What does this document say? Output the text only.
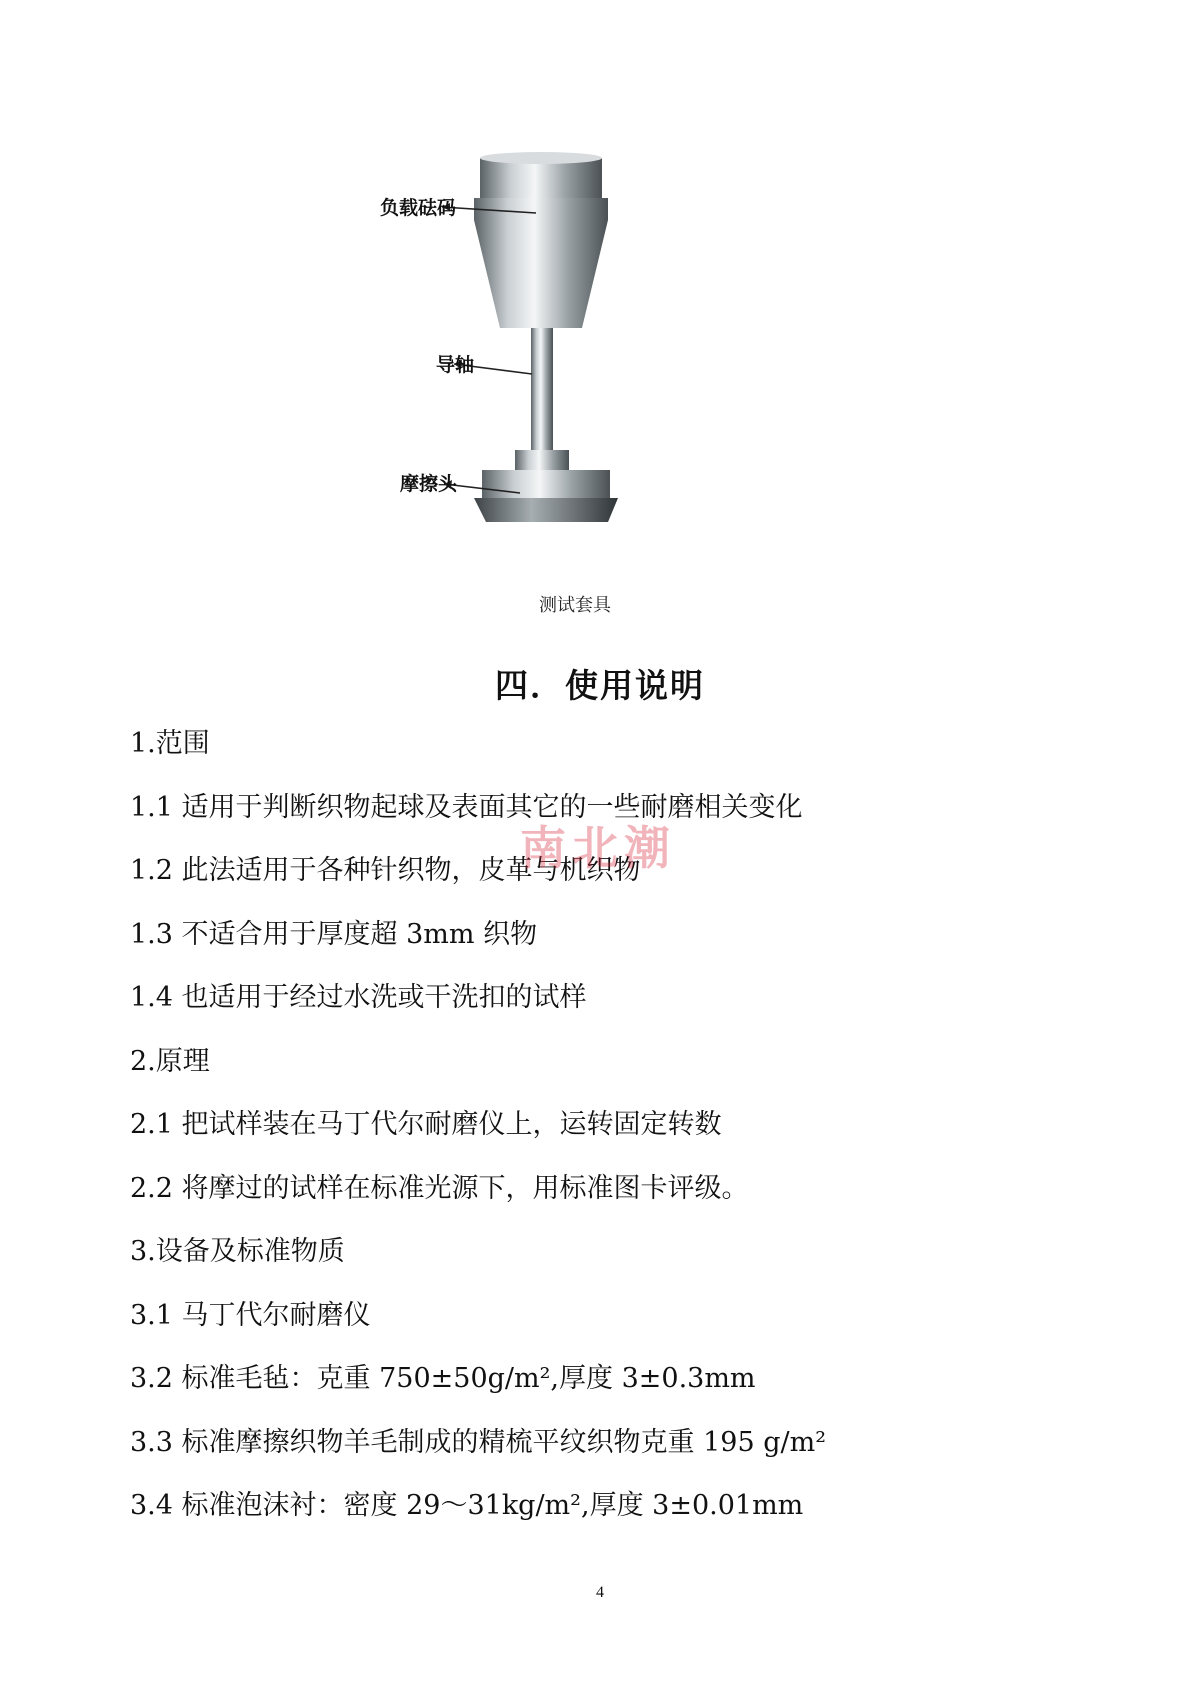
负载砝码
导轴
摩擦头
测试套具
四．使用说明
1.范围
1.1 适用于判断织物起球及表面其它的一些耐磨相关变化
1.2 此法适用于各种针织物，皮革与机织物
1.3 不适合用于厚度超 3mm 织物
1.4 也适用于经过水洗或干洗扣的试样
2.原理
2.1 把试样装在马丁代尔耐磨仪上，运转固定转数
2.2 将摩过的试样在标准光源下，用标准图卡评级。
3.设备及标准物质
3.1 马丁代尔耐磨仪
3.2 标准毛毡：克重 750±50g/m²,厚度 3±0.3mm
3.3 标准摩擦织物羊毛制成的精梳平纹织物克重 195 g/m²
3.4 标准泡沫衬：密度 29～31kg/m²,厚度 3±0.01mm
南北潮
4
